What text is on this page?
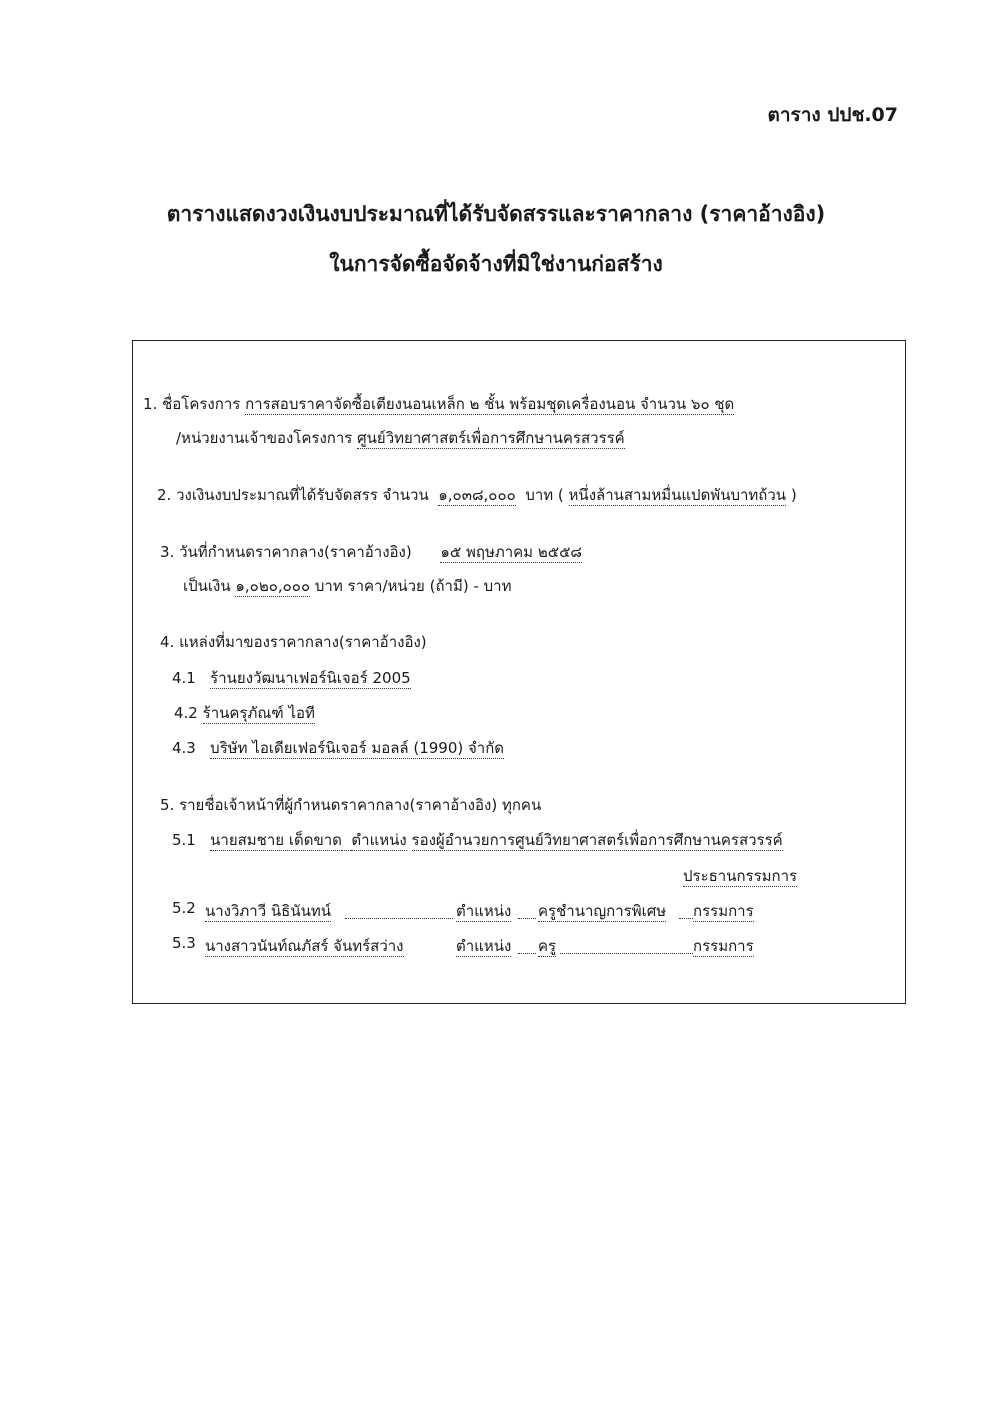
ตาราง ปปช.07
ตารางแสดงวงเงินงบประมาณที่ได้รับจัดสรรและราคากลาง (ราคาอ้างอิง)
ในการจัดซื้อจัดจ้างที่มิใช่งานก่อสร้าง
1. ชื่อโครงการ การสอบราคาจัดซื้อเตียงนอนเหล็ก ๒ ชั้น พร้อมชุดเครื่องนอน จำนวน ๖๐ ชุด
/หน่วยงานเจ้าของโครงการ ศูนย์วิทยาศาสตร์เพื่อการศึกษานครสวรรค์
2. วงเงินงบประมาณที่ได้รับจัดสรร จำนวน ๑,๐๓๘,๐๐๐ บาท ( หนึ่งล้านสามหมื่นแปดพันบาทถ้วน )
3. วันที่กำหนดราคากลาง(ราคาอ้างอิง) ๑๕ พฤษภาคม ๒๕๕๘
เป็นเงิน ๑,๐๒๐,๐๐๐ บาท ราคา/หน่วย (ถ้ามี) - บาท
4. แหล่งที่มาของราคากลาง(ราคาอ้างอิง)
4.1 ร้านยงวัฒนาเฟอร์นิเจอร์ 2005
4.2 ร้านครุภัณฑ์ ไอที
4.3 บริษัท ไอเดียเฟอร์นิเจอร์ มอลล์ (1990) จำกัด
5. รายชื่อเจ้าหน้าที่ผู้กำหนดราคากลาง(ราคาอ้างอิง) ทุกคน
5.1 นายสมชาย เด็ดขาด ตำแหน่ง รองผู้อำนวยการศูนย์วิทยาศาสตร์เพื่อการศึกษานครสวรรค์
ประธานกรรมการ
5.2 นางวิภาวี นิธินันทน์	ตำแหน่ง ครูชำนาญการพิเศษ กรรมการ
5.3 นางสาวนันท์ณภัสร์ จันทร์สว่าง	ตำแหน่ง ครู	กรรมการ
